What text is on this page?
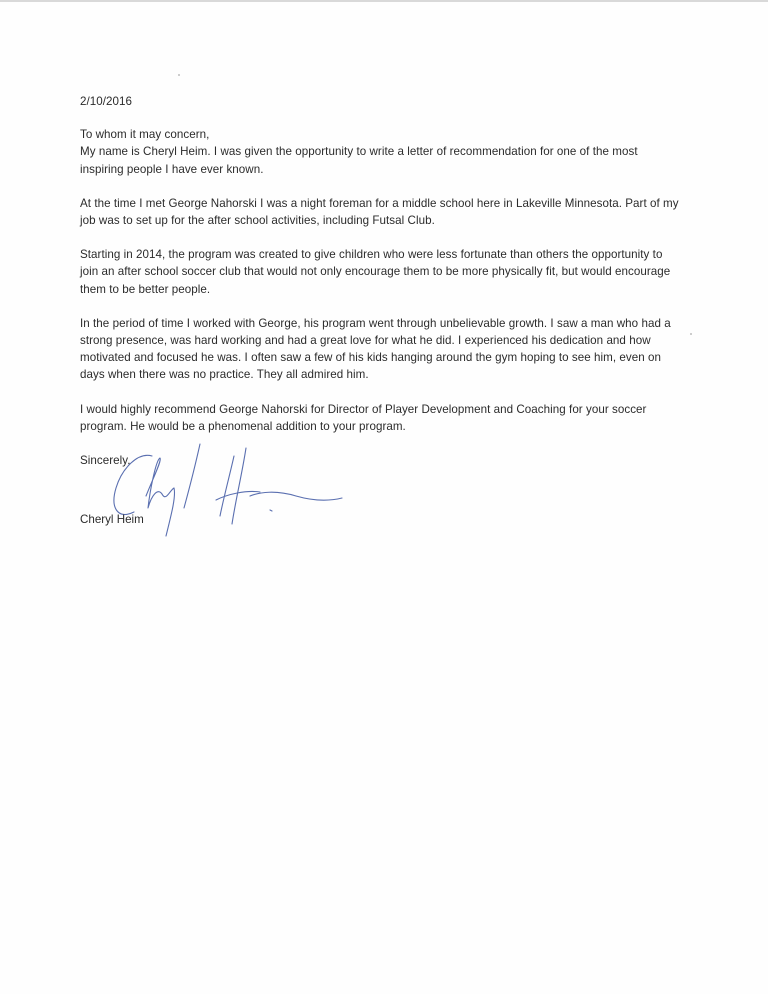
2/10/2016

To whom it may concern,

My name is Cheryl Heim. I was given the opportunity to write a letter of recommendation for one of the most inspiring people I have ever known.

At the time I met George Nahorski I was a night foreman for a middle school here in Lakeville Minnesota. Part of my job was to set up for the after school activities, including Futsal Club.

Starting in 2014, the program was created to give children who were less fortunate than others the opportunity to join an after school soccer club that would not only encourage them to be more physically fit, but would encourage them to be better people.

In the period of time I worked with George, his program went through unbelievable growth. I saw a man who had a strong presence, was hard working and had a great love for what he did. I experienced his dedication and how motivated and focused he was. I often saw a few of his kids hanging around the gym hoping to see him, even on days when there was no practice. They all admired him.

I would highly recommend George Nahorski for Director of Player Development and Coaching for your soccer program. He would be a phenomenal addition to your program.

Sincerely,

Cheryl Heim
